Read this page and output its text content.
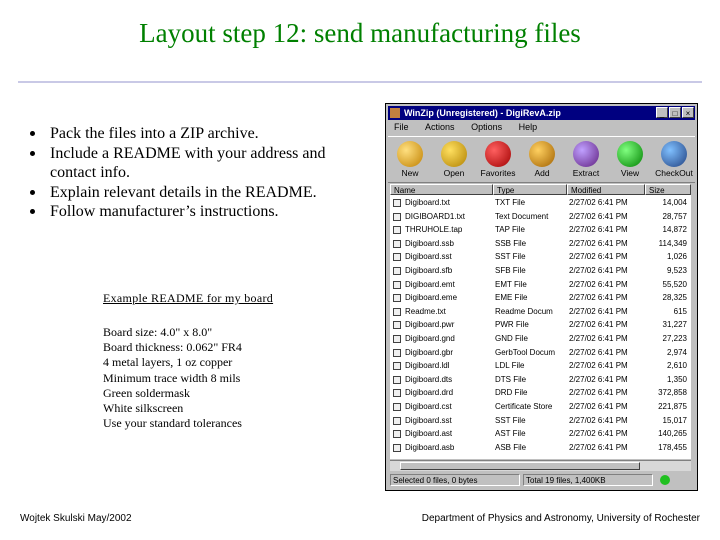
Layout step 12: send manufacturing files
Pack the files into a ZIP archive.
Include a README with your address and contact info.
Explain relevant details in the README.
Follow manufacturer’s instructions.
Example README for my board
Board size: 4.0" x 8.0"
Board thickness: 0.062" FR4
4 metal layers, 1 oz copper
Minimum trace width 8 mils
Green soldermask
White silkscreen
Use your standard tolerances
WinZip (Unregistered) - DigiRevA.zip	_	□	×
File Actions Options Help
New	Open	Favorites	Add	Extract	View	CheckOut
Name	Type	Modified	Size
Digiboard.txt	TXT File	2/27/02 6:41 PM	14,004
DIGIBOARD1.txt	Text Document	2/27/02 6:41 PM	28,757
THRUHOLE.tap	TAP File	2/27/02 6:41 PM	14,872
Digiboard.ssb	SSB File	2/27/02 6:41 PM	114,349
Digiboard.sst	SST File	2/27/02 6:41 PM	1,026
Digiboard.sfb	SFB File	2/27/02 6:41 PM	9,523
Digiboard.emt	EMT File	2/27/02 6:41 PM	55,520
Digiboard.eme	EME File	2/27/02 6:41 PM	28,325
Readme.txt	Readme Docum	2/27/02 6:41 PM	615
Digiboard.pwr	PWR File	2/27/02 6:41 PM	31,227
Digiboard.gnd	GND File	2/27/02 6:41 PM	27,223
Digiboard.gbr	GerbTool Docum	2/27/02 6:41 PM	2,974
Digiboard.ldl	LDL File	2/27/02 6:41 PM	2,610
Digiboard.dts	DTS File	2/27/02 6:41 PM	1,350
Digiboard.drd	DRD File	2/27/02 6:41 PM	372,858
Digiboard.cst	Certificate Store	2/27/02 6:41 PM	221,875
Digiboard.sst	SST File	2/27/02 6:41 PM	15,017
Digiboard.ast	AST File	2/27/02 6:41 PM	140,265
Digiboard.asb	ASB File	2/27/02 6:41 PM	178,455
Selected 0 files, 0 bytes	Total 19 files, 1,400KB
Wojtek Skulski May/2002	Department of Physics and Astronomy, University of Rochester
